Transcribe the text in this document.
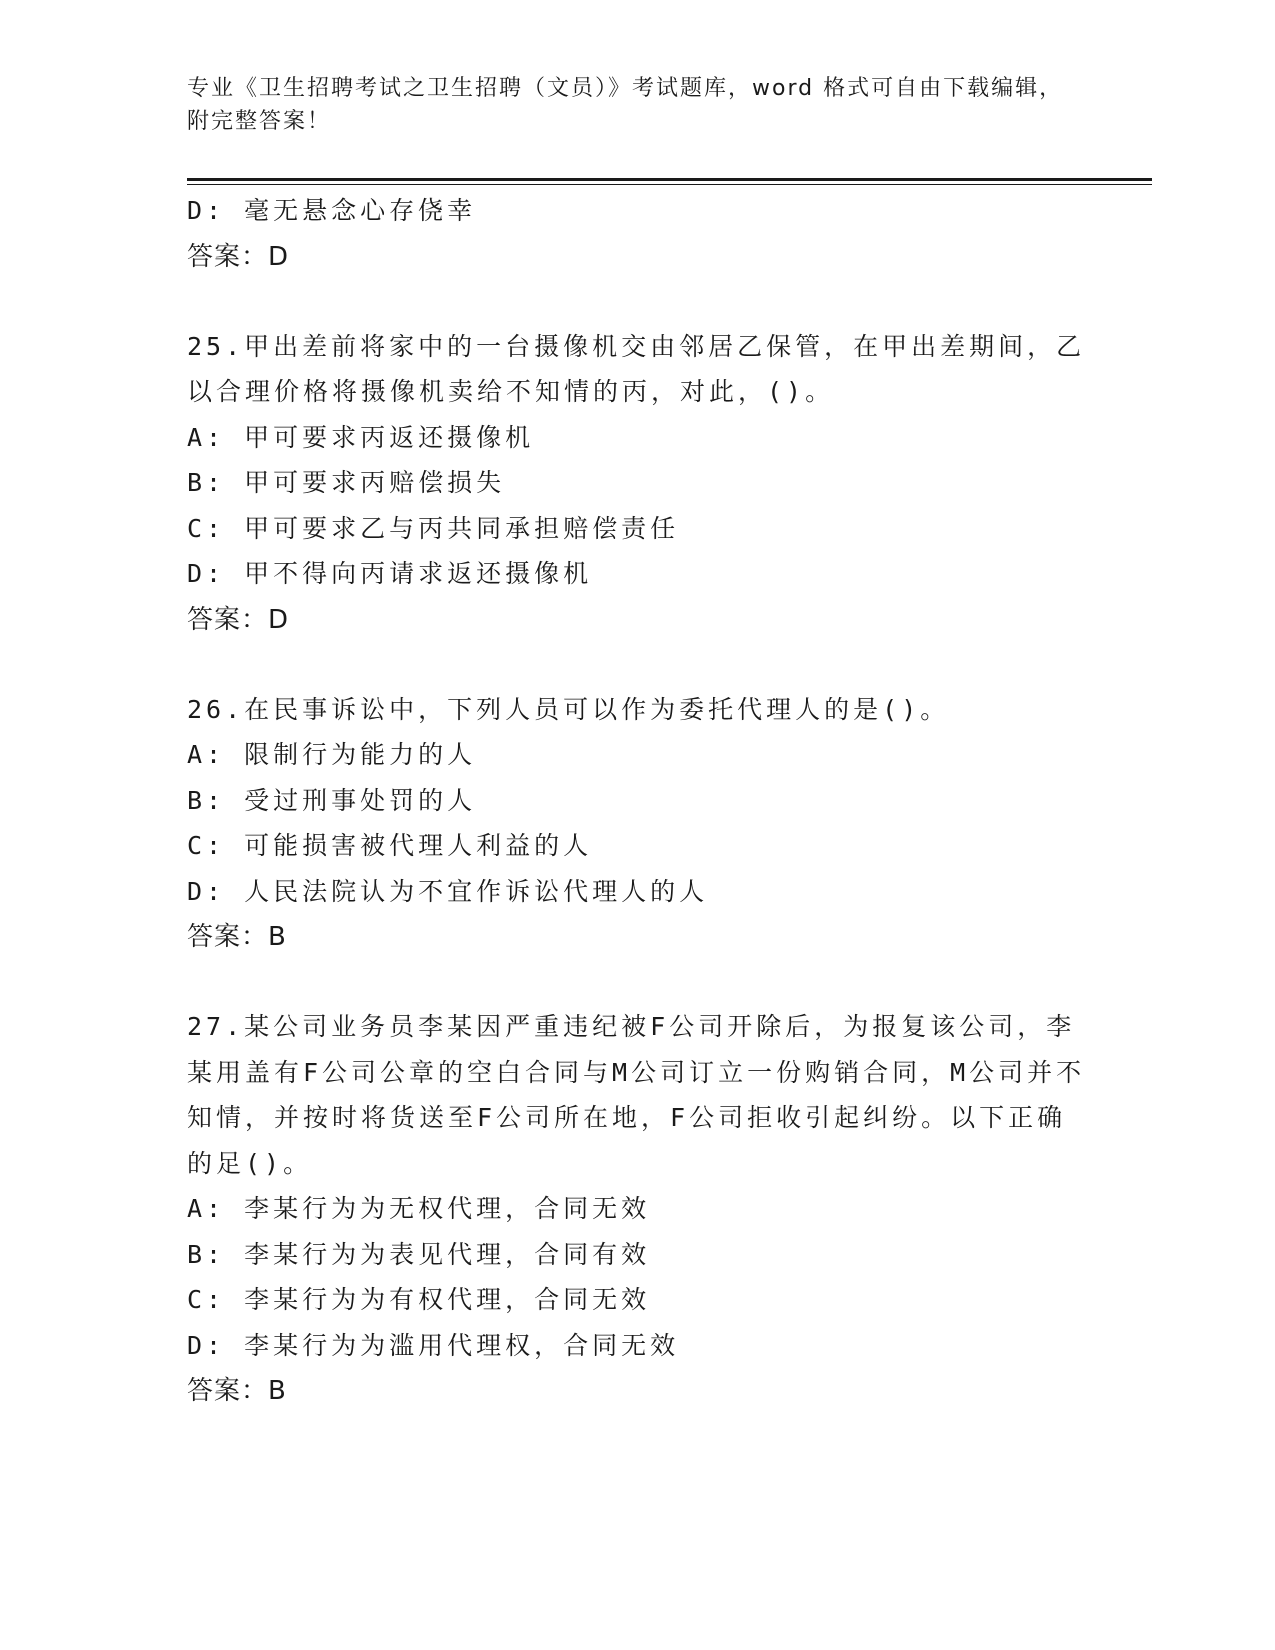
专业《卫生招聘考试之卫生招聘（文员）》考试题库，word 格式可自由下载编辑，附完整答案！
D: 毫无悬念心存侥幸
答案：D
25.甲出差前将家中的一台摄像机交由邻居乙保管，在甲出差期间，乙以合理价格将摄像机卖给不知情的丙，对此，()。
A: 甲可要求丙返还摄像机
B: 甲可要求丙赔偿损失
C: 甲可要求乙与丙共同承担赔偿责任
D: 甲不得向丙请求返还摄像机
答案：D
26.在民事诉讼中，下列人员可以作为委托代理人的是()。
A: 限制行为能力的人
B: 受过刑事处罚的人
C: 可能损害被代理人利益的人
D: 人民法院认为不宜作诉讼代理人的人
答案：B
27.某公司业务员李某因严重违纪被F公司开除后，为报复该公司，李某用盖有F公司公章的空白合同与M公司订立一份购销合同，M公司并不知情，并按时将货送至F公司所在地，F公司拒收引起纠纷。以下正确的足()。
A: 李某行为为无权代理，合同无效
B: 李某行为为表见代理，合同有效
C: 李某行为为有权代理，合同无效
D: 李某行为为滥用代理权，合同无效
答案：B
